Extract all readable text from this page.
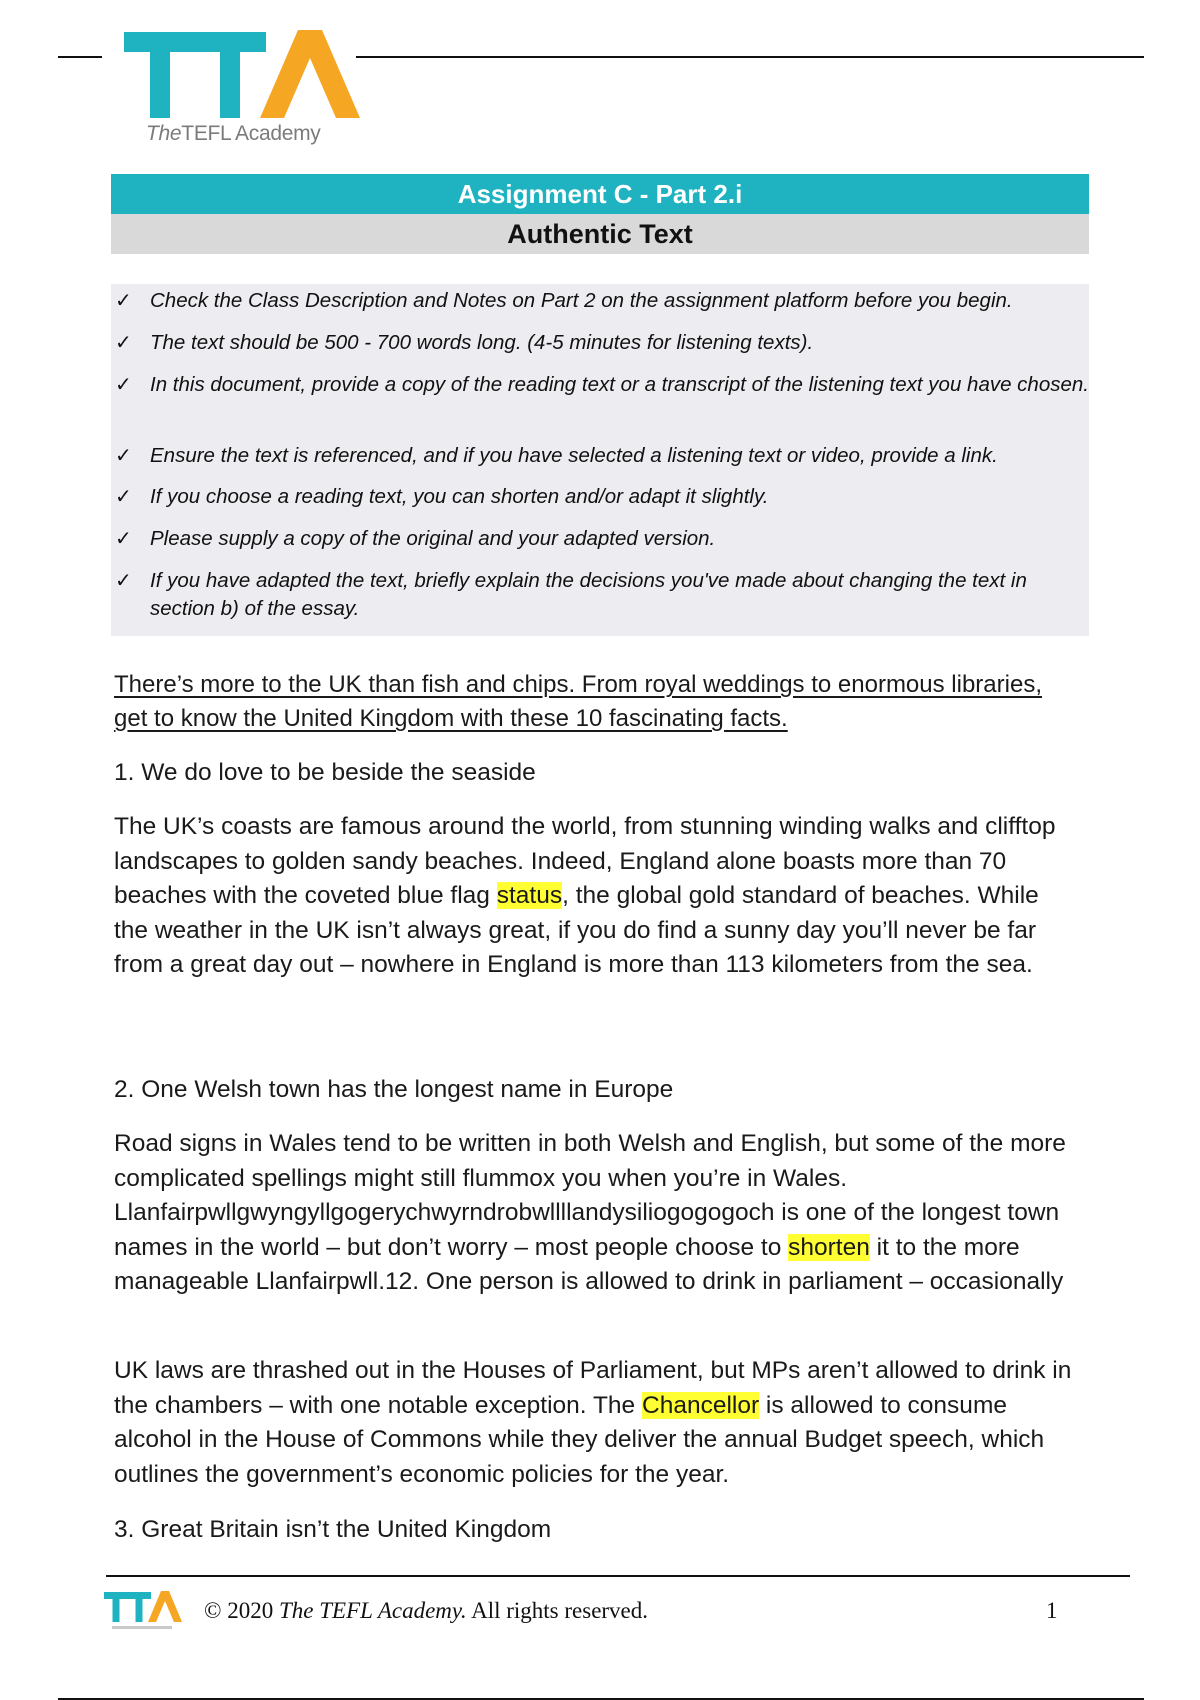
TheTEFL Academy
Assignment C - Part 2.i
Authentic Text
✓ Check the Class Description and Notes on Part 2 on the assignment platform before you begin.
✓ The text should be 500 - 700 words long. (4-5 minutes for listening texts).
✓ In this document, provide a copy of the reading text or a transcript of the listening text you have chosen.
✓ Ensure the text is referenced, and if you have selected a listening text or video, provide a link.
✓ If you choose a reading text, you can shorten and/or adapt it slightly.
✓ Please supply a copy of the original and your adapted version.
✓ If you have adapted the text, briefly explain the decisions you've made about changing the text in section b) of the essay.
There’s more to the UK than fish and chips. From royal weddings to enormous libraries, get to know the United Kingdom with these 10 fascinating facts.
1. We do love to be beside the seaside
The UK’s coasts are famous around the world, from stunning winding walks and clifftop landscapes to golden sandy beaches. Indeed, England alone boasts more than 70 beaches with the coveted blue flag status, the global gold standard of beaches. While the weather in the UK isn’t always great, if you do find a sunny day you’ll never be far from a great day out – nowhere in England is more than 113 kilometers from the sea.
2. One Welsh town has the longest name in Europe
Road signs in Wales tend to be written in both Welsh and English, but some of the more complicated spellings might still flummox you when you’re in Wales. Llanfairpwllgwyngyllgogerychwyrndrobwllllandysiliogogogoch is one of the longest town names in the world – but don’t worry – most people choose to shorten it to the more manageable Llanfairpwll.12. One person is allowed to drink in parliament – occasionally
UK laws are thrashed out in the Houses of Parliament, but MPs aren’t allowed to drink in the chambers – with one notable exception. The Chancellor is allowed to consume alcohol in the House of Commons while they deliver the annual Budget speech, which outlines the government’s economic policies for the year.
3. Great Britain isn’t the United Kingdom
© 2020 The TEFL Academy. All rights reserved.	1
